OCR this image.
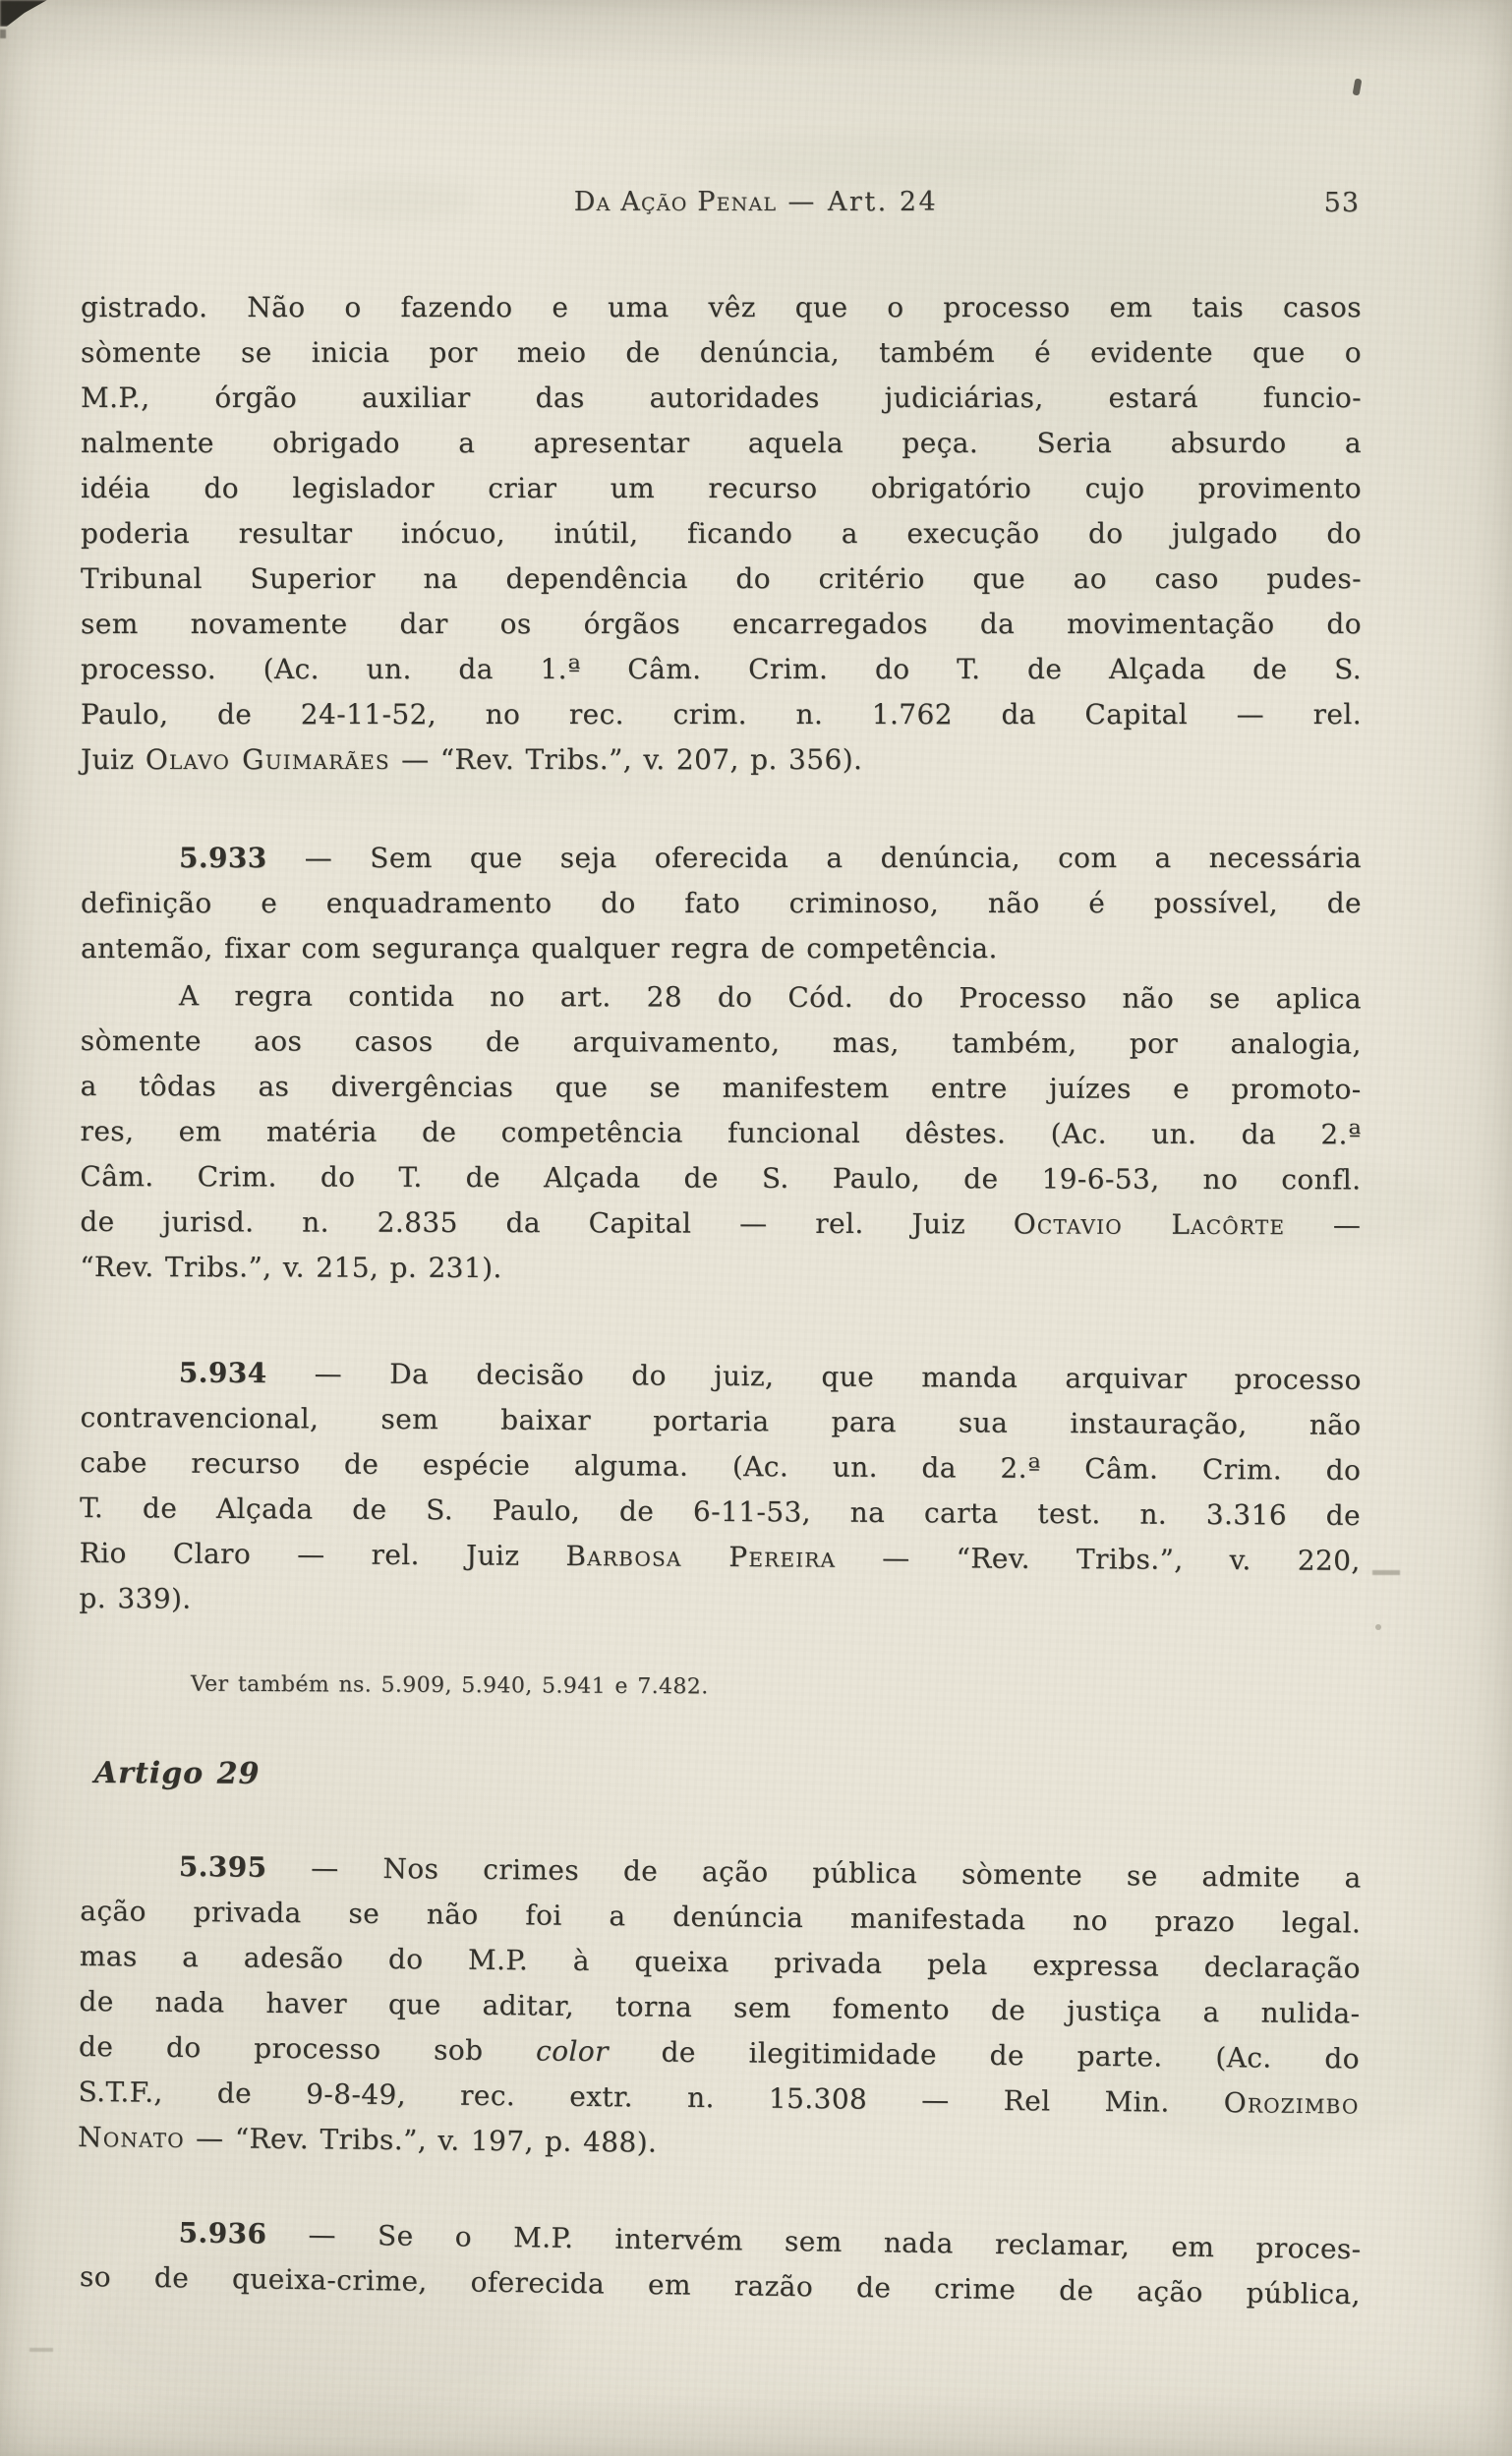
Da Ação Penal — Art. 24	53
gistrado. Não o fazendo e uma vêz que o processo em tais casos
sòmente se inicia por meio de denúncia, também é evidente que o
M.P., órgão auxiliar das autoridades judiciárias, estará funcio-
nalmente obrigado a apresentar aquela peça. Seria absurdo a
idéia do legislador criar um recurso obrigatório cujo provimento
poderia resultar inócuo, inútil, ficando a execução do julgado do
Tribunal Superior na dependência do critério que ao caso pudes-
sem novamente dar os órgãos encarregados da movimentação do
processo. (Ac. un. da 1.ª Câm. Crim. do T. de Alçada de S.
Paulo, de 24-11-52, no rec. crim. n. 1.762 da Capital — rel.
Juiz Olavo Guimarães — “Rev. Tribs.”, v. 207, p. 356).
5.933 — Sem que seja oferecida a denúncia, com a necessária
definição e enquadramento do fato criminoso, não é possível, de
antemão, fixar com segurança qualquer regra de competência.
A regra contida no art. 28 do Cód. do Processo não se aplica
sòmente aos casos de arquivamento, mas, também, por analogia,
a tôdas as divergências que se manifestem entre juízes e promoto-
res, em matéria de competência funcional dêstes. (Ac. un. da 2.ª
Câm. Crim. do T. de Alçada de S. Paulo, de 19-6-53, no confl.
de jurisd. n. 2.835 da Capital — rel. Juiz Octavio Lacôrte —
“Rev. Tribs.”, v. 215, p. 231).
5.934 — Da decisão do juiz, que manda arquivar processo
contravencional, sem baixar portaria para sua instauração, não
cabe recurso de espécie alguma. (Ac. un. da 2.ª Câm. Crim. do
T. de Alçada de S. Paulo, de 6-11-53, na carta test. n. 3.316 de
Rio Claro — rel. Juiz Barbosa Pereira — “Rev. Tribs.”, v. 220,
p. 339).
Ver também ns. 5.909, 5.940, 5.941 e 7.482.
Artigo 29
5.395 — Nos crimes de ação pública sòmente se admite a
ação privada se não foi a denúncia manifestada no prazo legal.
mas a adesão do M.P. à queixa privada pela expressa declaração
de nada haver que aditar, torna sem fomento de justiça a nulida-
de do processo sob color de ilegitimidade de parte. (Ac. do
S.T.F., de 9-8-49, rec. extr. n. 15.308 — Rel Min. Orozimbo
Nonato — “Rev. Tribs.”, v. 197, p. 488).
5.936 — Se o M.P. intervém sem nada reclamar, em proces-
so de queixa-crime, oferecida em razão de crime de ação pública,
